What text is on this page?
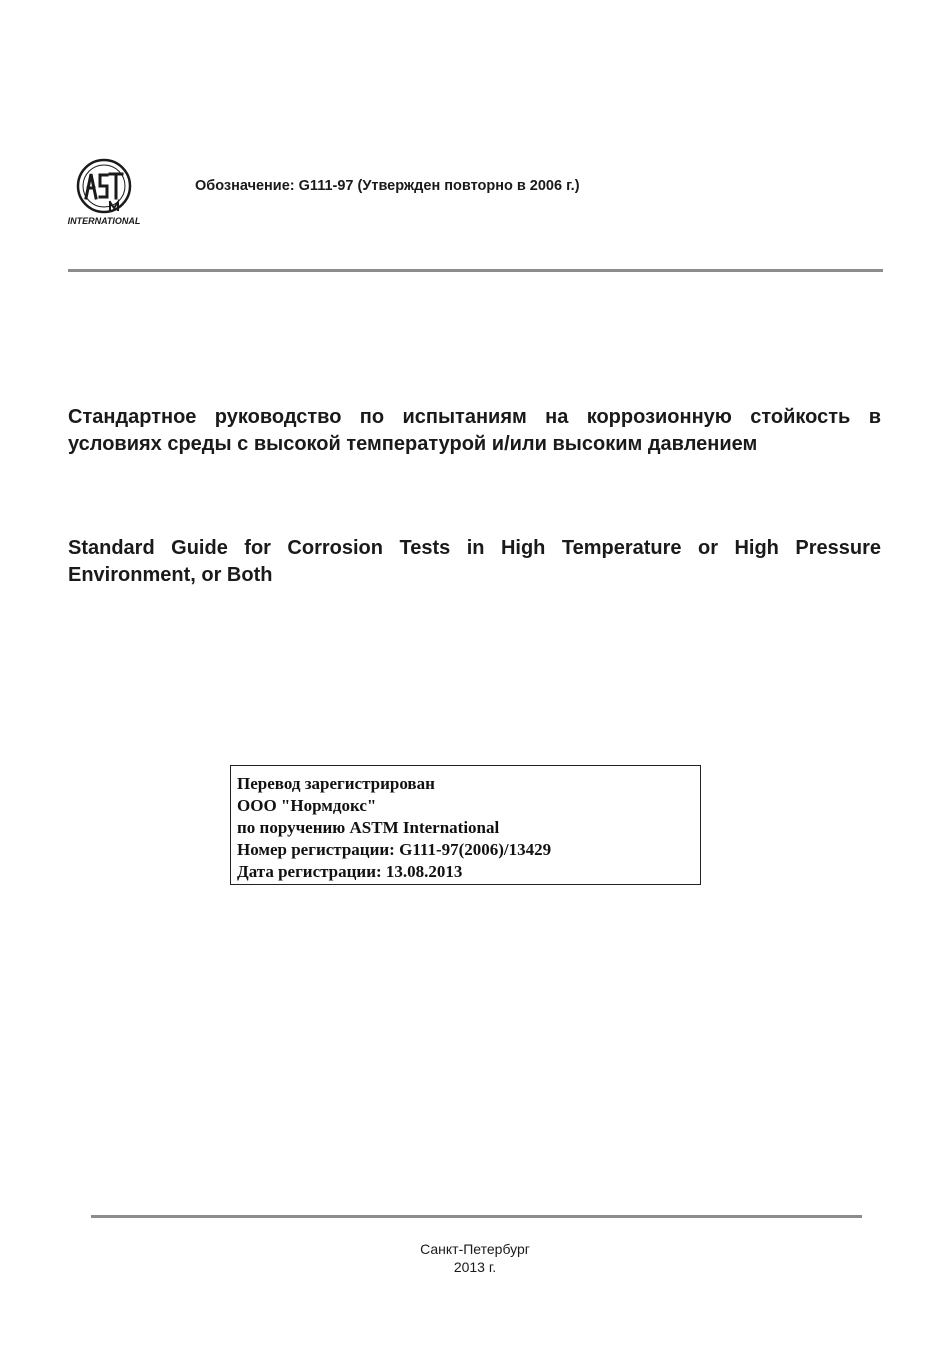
INTERNATIONAL
Обозначение: G111-97 (Утвержден повторно в 2006 г.)
Стандартное руководство по испытаниям на коррозионную стойкость в
условиях среды с высокой температурой и/или высоким давлением
Standard Guide for Corrosion Tests in High Temperature or High Pressure
Environment, or Both
Перевод зарегистрирован
ООО "Нормдокс"
по поручению ASTM International
Номер регистрации: G111-97(2006)/13429
Дата регистрации: 13.08.2013
Санкт-Петербург
2013 г.
